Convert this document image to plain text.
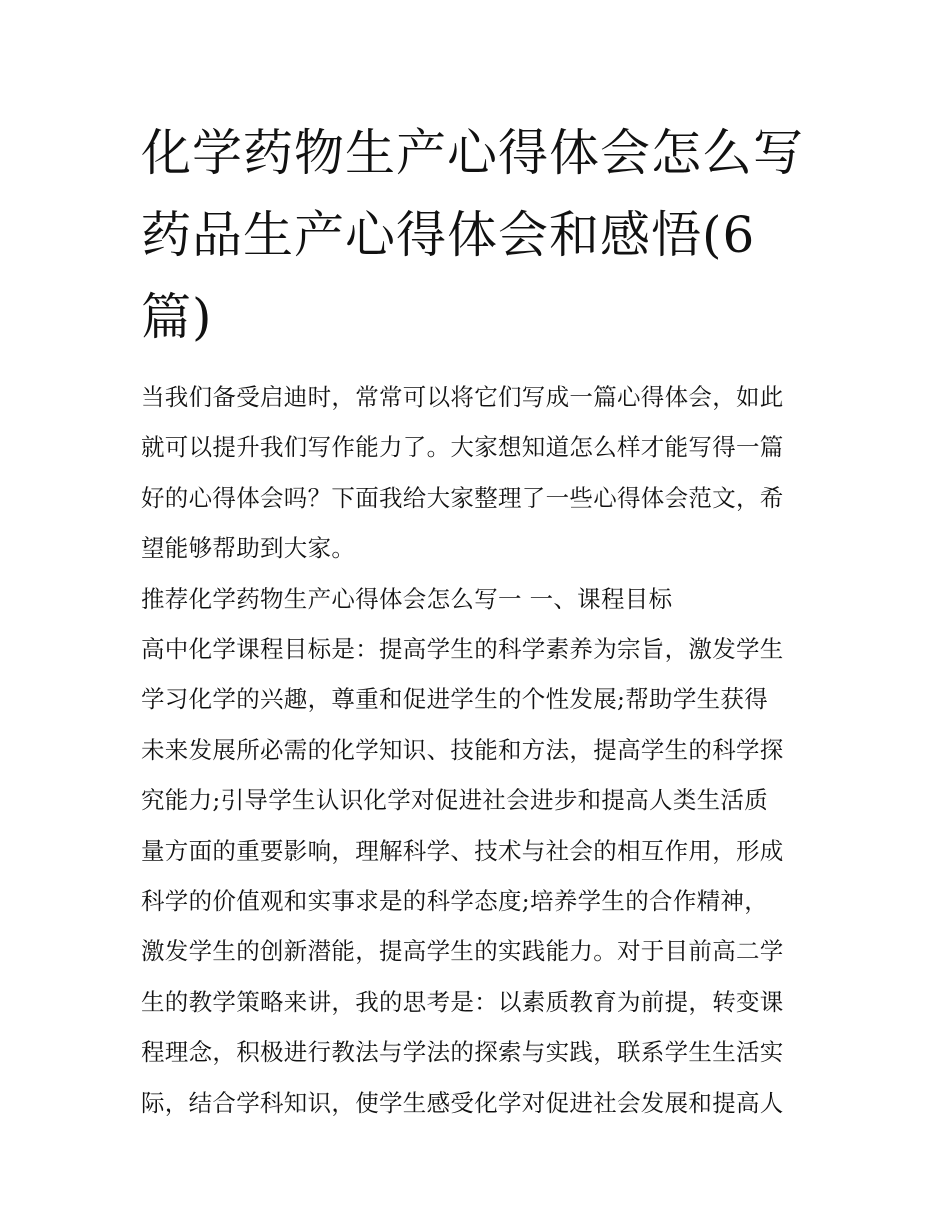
化学药物生产心得体会怎么写
药品生产心得体会和感悟(6
篇)

当我们备受启迪时，常常可以将它们写成一篇心得体会，如此
就可以提升我们写作能力了。大家想知道怎么样才能写得一篇
好的心得体会吗？下面我给大家整理了一些心得体会范文，希
望能够帮助到大家。

推荐化学药物生产心得体会怎么写一 一、课程目标

高中化学课程目标是：提高学生的科学素养为宗旨，激发学生
学习化学的兴趣，尊重和促进学生的个性发展;帮助学生获得
未来发展所必需的化学知识、技能和方法，提高学生的科学探
究能力;引导学生认识化学对促进社会进步和提高人类生活质
量方面的重要影响，理解科学、技术与社会的相互作用，形成
科学的价值观和实事求是的科学态度;培养学生的合作精神，
激发学生的创新潜能，提高学生的实践能力。对于目前高二学
生的教学策略来讲，我的思考是：以素质教育为前提，转变课
程理念，积极进行教法与学法的探索与实践，联系学生生活实
际，结合学科知识，使学生感受化学对促进社会发展和提高人
